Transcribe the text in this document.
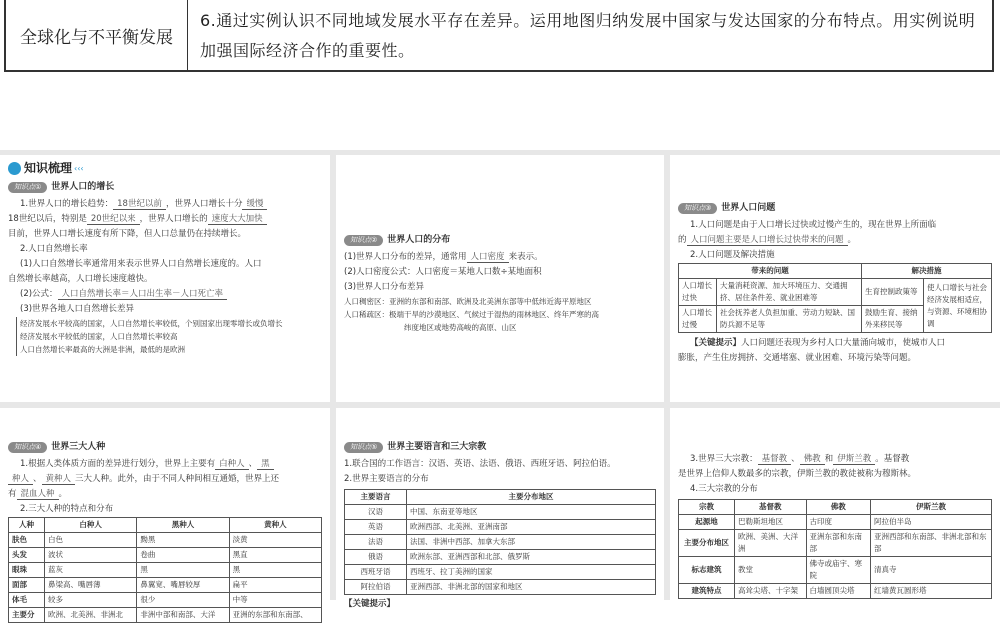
全球化与不平衡发展
6.通过实例认识不同地域发展水平存在差异。运用地图归纳发展中国家与发达国家的分布特点。用实例说明加强国际经济合作的重要性。
知识梳理 ‹‹‹
知识点①	世界人口的增长
1.世界人口的增长趋势： 18世纪以前 ，世界人口增长十分 缓慢
18世纪以后，特别是 20世纪以来 ，世界人口增长的 速度大大加快
目前，世界人口增长速度有所下降，但人口总量仍在持续增长。
2.人口自然增长率
(1)人口自然增长率通常用来表示世界人口自然增长速度的。人口
自然增长率越高，人口增长速度越快。
(2)公式： 人口自然增长率＝人口出生率－人口死亡率
(3)世界各地人口自然增长差异
经济发展水平较高的国家，人口自然增长率较低，个别国家出现零增长或负增长
经济发展水平较低的国家，人口自然增长率较高
人口自然增长率最高的大洲是非洲，最低的是欧洲
知识点②	世界人口的分布
(1)世界人口分布的差异，通常用 人口密度 来表示。
(2)人口密度公式：人口密度＝某地人口数÷某地面积
(3)世界人口分布差异
人口稠密区：亚洲的东部和南部、欧洲及北美洲东部等中低纬近海平原地区
人口稀疏区：极端干旱的沙漠地区、气候过于湿热的雨林地区、终年严寒的高
纬度地区或地势高峻的高原、山区
知识点③	世界人口问题
1.人口问题是由于人口增长过快或过慢产生的，现在世界上所面临
的 人口问题主要是人口增长过快带来的问题 。
2.人口问题及解决措施
带来的问题		解决措施	
人口增长过快	大量消耗资源、加大环境压力、交通拥挤、居住条件差、就业困难等	生育控制政策等	使人口增长与社会经济发展相适应，与资源、环境相协调
人口增长过慢	社会抚养老人负担加重、劳动力短缺、国防兵源不足等	鼓励生育、接纳外来移民等	
【关键提示】人口问题还表现为乡村人口大量涌向城市，使城市人口
膨胀，产生住房拥挤、交通堵塞、就业困难、环境污染等问题。
知识点④	世界三大人种
1.根据人类体质方面的差异进行划分，世界上主要有 白种人 、 黑
种人 、 黄种人 三大人种。此外，由于不同人种间相互通婚，世界上还
有 混血人种 。
2.三大人种的特点和分布
人种	白种人	黑种人	黄种人
肤色	白色	黝黑	淡黄
头发	波状	卷曲	黑直
眼珠	蓝灰	黑	黑
面部	鼻梁高、嘴唇薄	鼻翼宽、嘴唇较厚	扁平
体毛	较多	很少	中等
主要分	欧洲、北美洲、非洲北	非洲中部和南部、大洋	亚洲的东部和东南部、
知识点⑤	世界主要语言和三大宗教
1.联合国的工作语言：汉语、英语、法语、俄语、西班牙语、阿拉伯语。
2.世界主要语言的分布
主要语言	主要分布地区
汉语	中国、东南亚等地区
英语	欧洲西部、北美洲、亚洲南部
法语	法国、非洲中西部、加拿大东部
俄语	欧洲东部、亚洲西部和北部、俄罗斯
西班牙语	西班牙、拉丁美洲的国家
阿拉伯语	亚洲西部、非洲北部的国家和地区
【关键提示】
3.世界三大宗教： 基督教 、 佛教 和 伊斯兰教 。基督教
是世界上信仰人数最多的宗教，伊斯兰教的教徒被称为穆斯林。
4.三大宗教的分布
宗教	基督教	佛教	伊斯兰教
起源地	巴勒斯坦地区	古印度	阿拉伯半岛
主要分布地区	欧洲、美洲、大洋洲	亚洲东部和东南部	亚洲西部和东南部、非洲北部和东部
标志建筑	教堂	佛寺或庙宇、寒院	清真寺
建筑特点	高耸尖塔、十字架	白墙圆顶尖塔	红墙黄瓦圆形塔
